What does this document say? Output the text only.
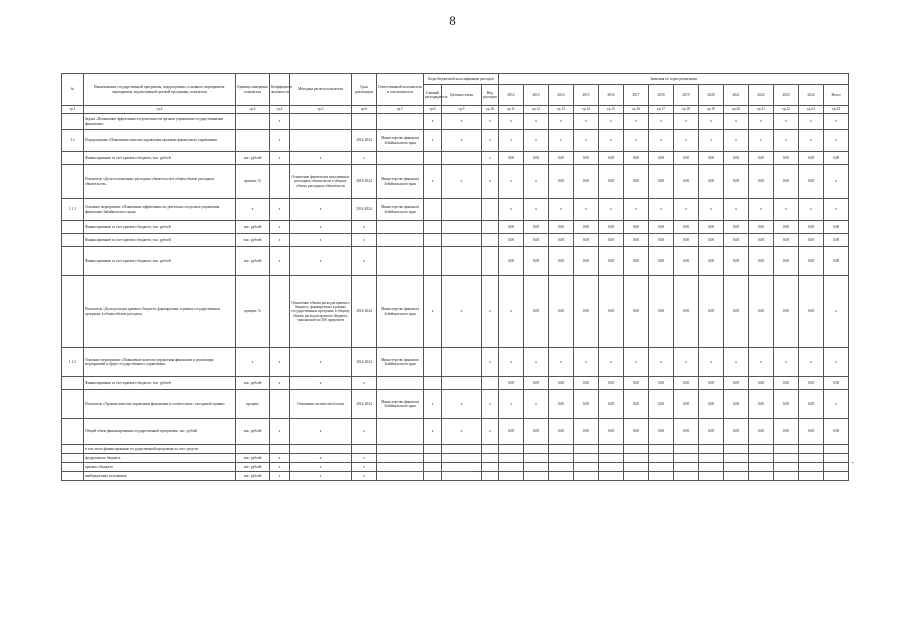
8
№	Наименование государственной программы, подпрограммы, основного мероприятия, мероприятия, ведомственной целевой программы, показателя	Единица измерения показателя	Коэффициент значимости	Методика расчета показателя	Срок реализации	Ответственный исполнитель и соисполнители	Коды бюджетной классификации расходов			Значения по годам реализации														
							Главный распорядитель	Целевая статья	Вид расходов	2012	2013	2014	2015	2016	2017	2018	2019	2020	2021	2022	2023	2024	Итого	
гр.1	гр.2	гр.3	гр.4	гр.5	гр.6	гр.7	гр.8	гр.9	гр.10	гр.11	гр.12	гр.13	гр.14	гр.15	гр.16	гр.17	гр.18	гр.19	гр.20	гр.21	гр.22	гр.23	гр.24		
	Задача «Повышение эффективности деятельности органов управления государственными финансами»		х				х	х	х	х	х	х	х	х	х	х	х	х	х	х	х	х	х	
1.1	Подпрограмма «Повышение качества управления органами финансового управления»		х		2014-2024	Министерство финансов Забайкальского края	х	х	х	х	х	х	х	х	х	х	х	х	х	х	х	х	х	
	Финансирование за счет краевого бюджета, тыс. рублей	тыс. рублей	х	х	х				х	0,00	0,00	0,00	0,00	0,00	0,00	0,00	0,00	0,00	0,00	0,00	0,00	0,00	0,00	
	Показатель «Доля исполненных расходных обязательств в общем объеме расходных обязательств»	процент, %		Отношение фактически исполненных расходных обязательств к общему объему расходных обязательств	2014-2024	Министерство финансов Забайкальского края	х	х	х	х	х	0,00	0,00	0,00	0,00	0,00	0,00	0,00	0,00	0,00	0,00	0,00	х	
1.1.1	Основное мероприятие «Повышение эффективности деятельности органов управления финансами Забайкальского края»	х	х	х	2014-2024	Министерство финансов Забайкальского края				х	х	х	х	х	х	х	х	х	х	х	х	х	х	
	Финансирование за счет краевого бюджета, тыс. рублей	тыс. рублей	х	х	х					0,00	0,00	0,00	0,00	0,00	0,00	0,00	0,00	0,00	0,00	0,00	0,00	0,00	0,00	
	Финансирование за счет краевого бюджета, тыс. рублей	тыс. рублей	х	х	х					0,00	0,00	0,00	0,00	0,00	0,00	0,00	0,00	0,00	0,00	0,00	0,00	0,00	0,00	
	Финансирование за счет краевого бюджета, тыс. рублей	тыс. рублей	х	х	х					0,00	0,00	0,00	0,00	0,00	0,00	0,00	0,00	0,00	0,00	0,00	0,00	0,00	0,00	
	Показатель «Доля расходов краевого бюджета, формируемых в рамках государственных программ, в общем объеме расходов»	процент, %		Отношение объема расходов краевого бюджета, формируемых в рамках государственных программ, к общему объему расходов краевого бюджета, умноженное на 100 процентов	2014-2024	Министерство финансов Забайкальского края	х	х	х	х	0,00	0,00	0,00	0,00	0,00	0,00	0,00	0,00	0,00	0,00	0,00	0,00	х	
1.1.2	Основное мероприятие «Повышение качества управления финансами и реализация мероприятий в сфере государственного управления»	х	х	х	2014-2024	Министерство финансов Забайкальского края			х	х	х	х	х	х	х	х	х	х	х	х	х	х	х	
	Финансирование за счет краевого бюджета, тыс. рублей	тыс. рублей	х	х	х					0,00	0,00	0,00	0,00	0,00	0,00	0,00	0,00	0,00	0,00	0,00	0,00	0,00	0,00	
	Показатель «Уровень качества управления финансами в соответствии с методикой оценки»	процент		Отношение количества баллов	2014-2024	Министерство финансов Забайкальского края	х	х	х	х	х	0,00	0,00	0,00	0,00	0,00	0,00	0,00	0,00	0,00	0,00	0,00	х	
	Общий объем финансирования государственной программы, тыс. рублей	тыс. рублей	х	х	х		х	х	х	0,00	0,00	0,00	0,00	0,00	0,00	0,00	0,00	0,00	0,00	0,00	0,00	0,00	0,00	
	в том числе финансирование государственной программы за счет средств:																							
	федерального бюджета	тыс. рублей	х	х	х																			
	краевого бюджета	тыс. рублей	х	х	х																			
	внебюджетных источников	тыс. рублей	х	х	х																			
